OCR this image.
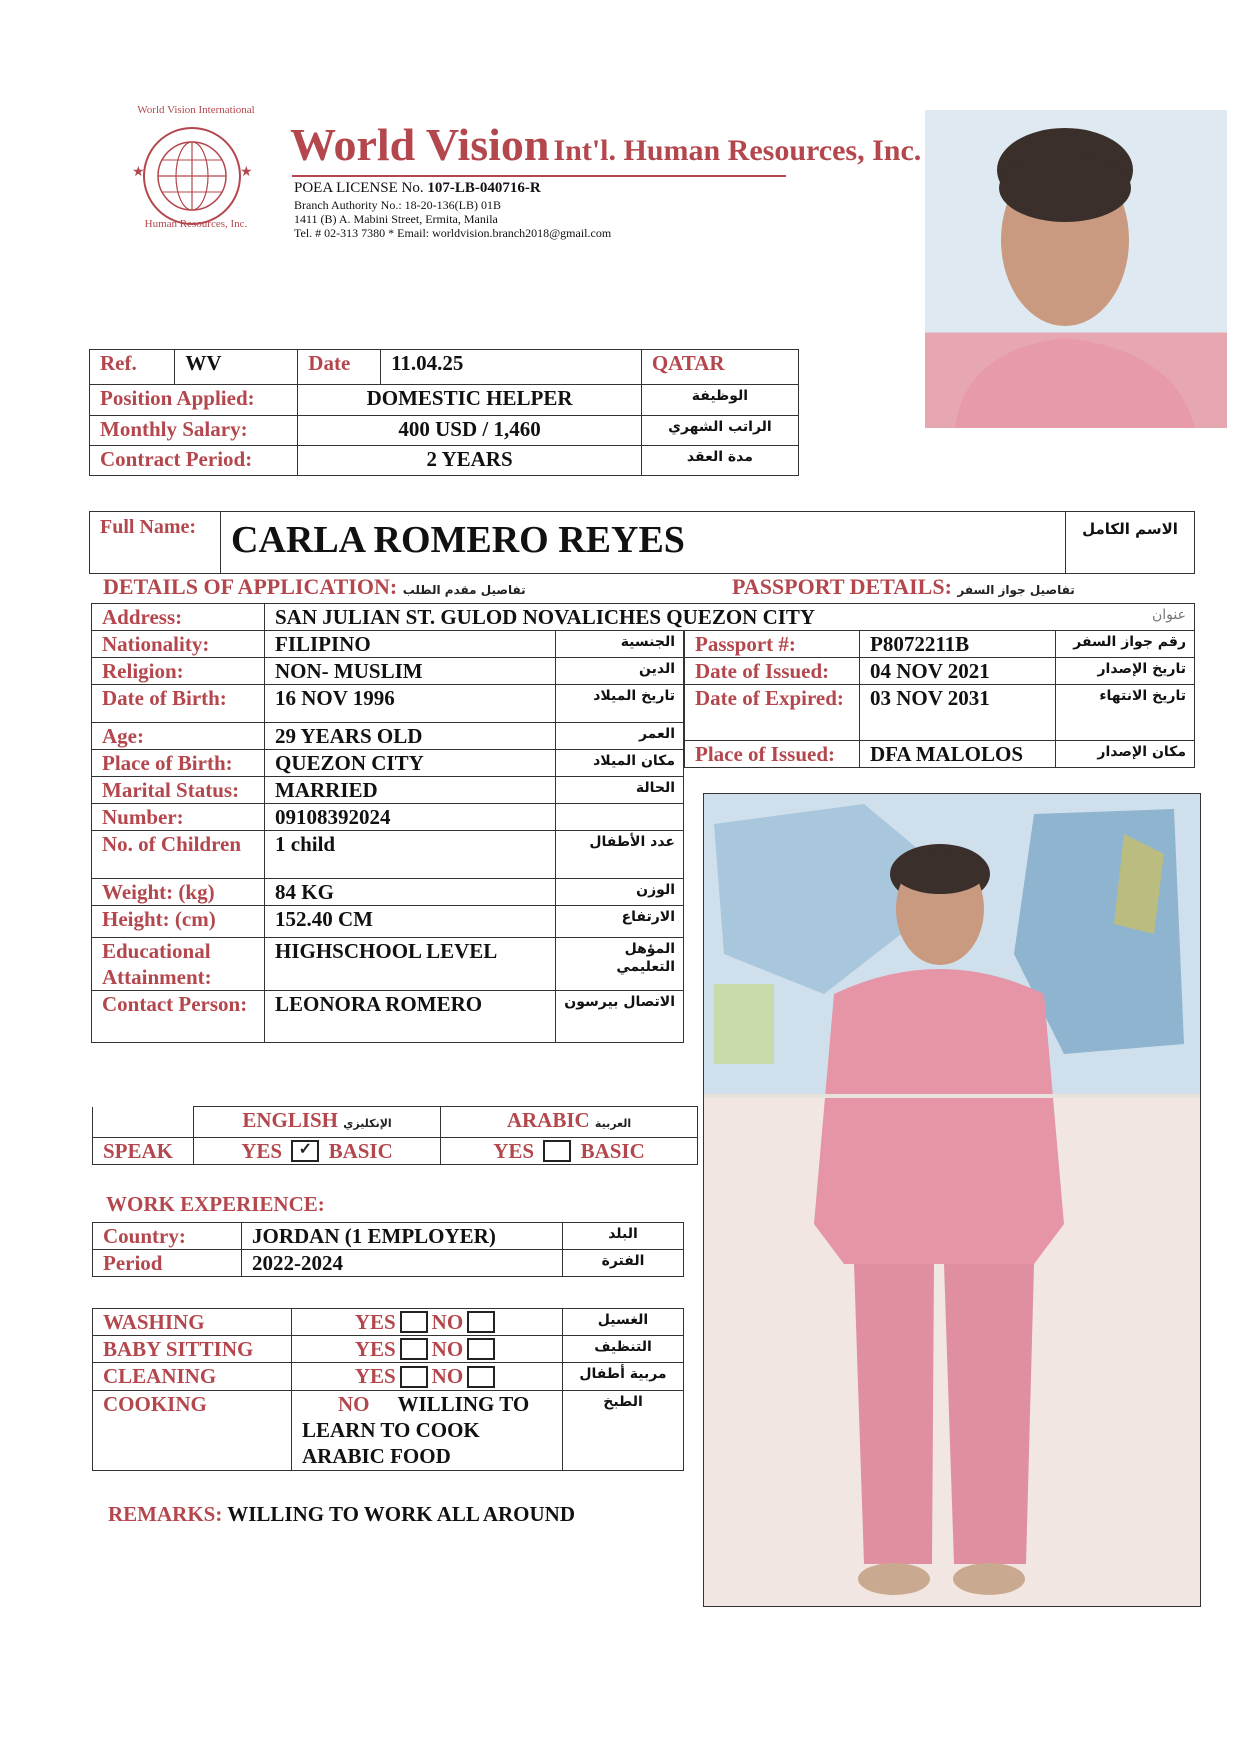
★	★
World Vision International
Human Resources, Inc.
World Vision Int'l. Human Resources, Inc.
POEA LICENSE No. 107-LB-040716-R
Branch Authority No.: 18-20-136(LB) 01B
1411 (B) A. Mabini Street, Ermita, Manila
Tel. # 02-313 7380 * Email: worldvision.branch2018@gmail.com
Ref.	WV	Date	11.04.25	QATAR
Position Applied:		DOMESTIC HELPER		الوظيفة
Monthly Salary:		400 USD / 1,460		الراتب الشهري
Contract Period:		2 YEARS		مدة العقد
Full Name:	CARLA ROMERO REYES	الاسم الكامل
DETAILS OF APPLICATION: تفاصيل مقدم الطلب	PASSPORT DETAILS: تفاصيل جواز السفر
Address:	SAN JULIAN ST. GULOD NOVALICHES QUEZON CITY	عنوان
Nationality:	FILIPINO	الجنسية
Religion:	NON- MUSLIM	الدين
Date of Birth:	16 NOV 1996	تاريخ الميلاد
Age:	29 YEARS OLD	العمر
Place of Birth:	QUEZON CITY	مكان الميلاد
Marital Status:	MARRIED	الحالة
Number:	09108392024	
No. of Children	1 child	عدد الأطفال
Weight: (kg)	84 KG	الوزن
Height: (cm)	152.40 CM	الارتفاع
Educational Attainment:	HIGHSCHOOL LEVEL	المؤهل التعليمي
Contact Person:	LEONORA ROMERO	الاتصال بيرسون
Passport #:	P8072211B	رقم جواز السفر
Date of Issued:	04 NOV 2021	تاريخ الإصدار
Date of Expired:	03 NOV 2031	تاريخ الانتهاء
Place of Issued:	DFA MALOLOS	مكان الإصدار
	ENGLISH الإنكليزي	ARABIC العربية
SPEAK	YES ✓ BASIC	YES BASIC
WORK EXPERIENCE:
Country:	JORDAN (1 EMPLOYER)	البلد
Period	2022-2024	الفترة
WASHING	YES NO	الغسيل
BABY SITTING	YES NO	التنظيف
CLEANING	YES NO	مربية أطفال
COOKING	NO WILLING TO LEARN TO COOK ARABIC FOOD	الطبخ
REMARKS: WILLING TO WORK ALL AROUND
